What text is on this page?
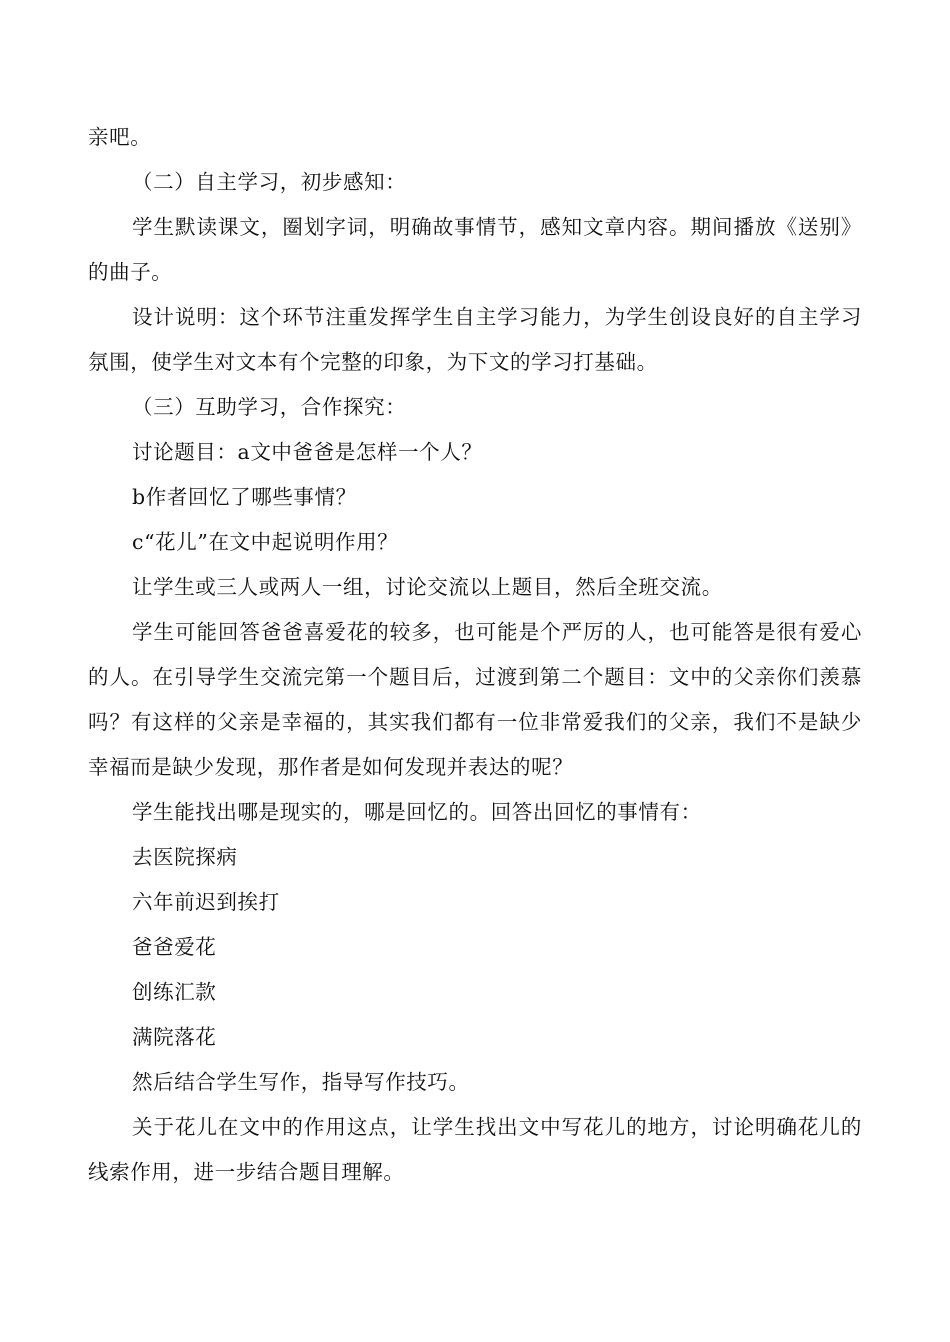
亲吧。

（二）自主学习，初步感知：

学生默读课文，圈划字词，明确故事情节，感知文章内容。期间播放《送别》的曲子。

设计说明：这个环节注重发挥学生自主学习能力，为学生创设良好的自主学习氛围，使学生对文本有个完整的印象，为下文的学习打基础。

（三）互助学习，合作探究：

讨论题目：a文中爸爸是怎样一个人？

b作者回忆了哪些事情？

c“花儿”在文中起说明作用？

让学生或三人或两人一组，讨论交流以上题目，然后全班交流。

学生可能回答爸爸喜爱花的较多，也可能是个严厉的人，也可能答是很有爱心的人。在引导学生交流完第一个题目后，过渡到第二个题目：文中的父亲你们羡慕吗？有这样的父亲是幸福的，其实我们都有一位非常爱我们的父亲，我们不是缺少幸福而是缺少发现，那作者是如何发现并表达的呢？

学生能找出哪是现实的，哪是回忆的。回答出回忆的事情有：

去医院探病

六年前迟到挨打

爸爸爱花

创练汇款

满院落花

然后结合学生写作，指导写作技巧。

关于花儿在文中的作用这点，让学生找出文中写花儿的地方，讨论明确花儿的线索作用，进一步结合题目理解。
